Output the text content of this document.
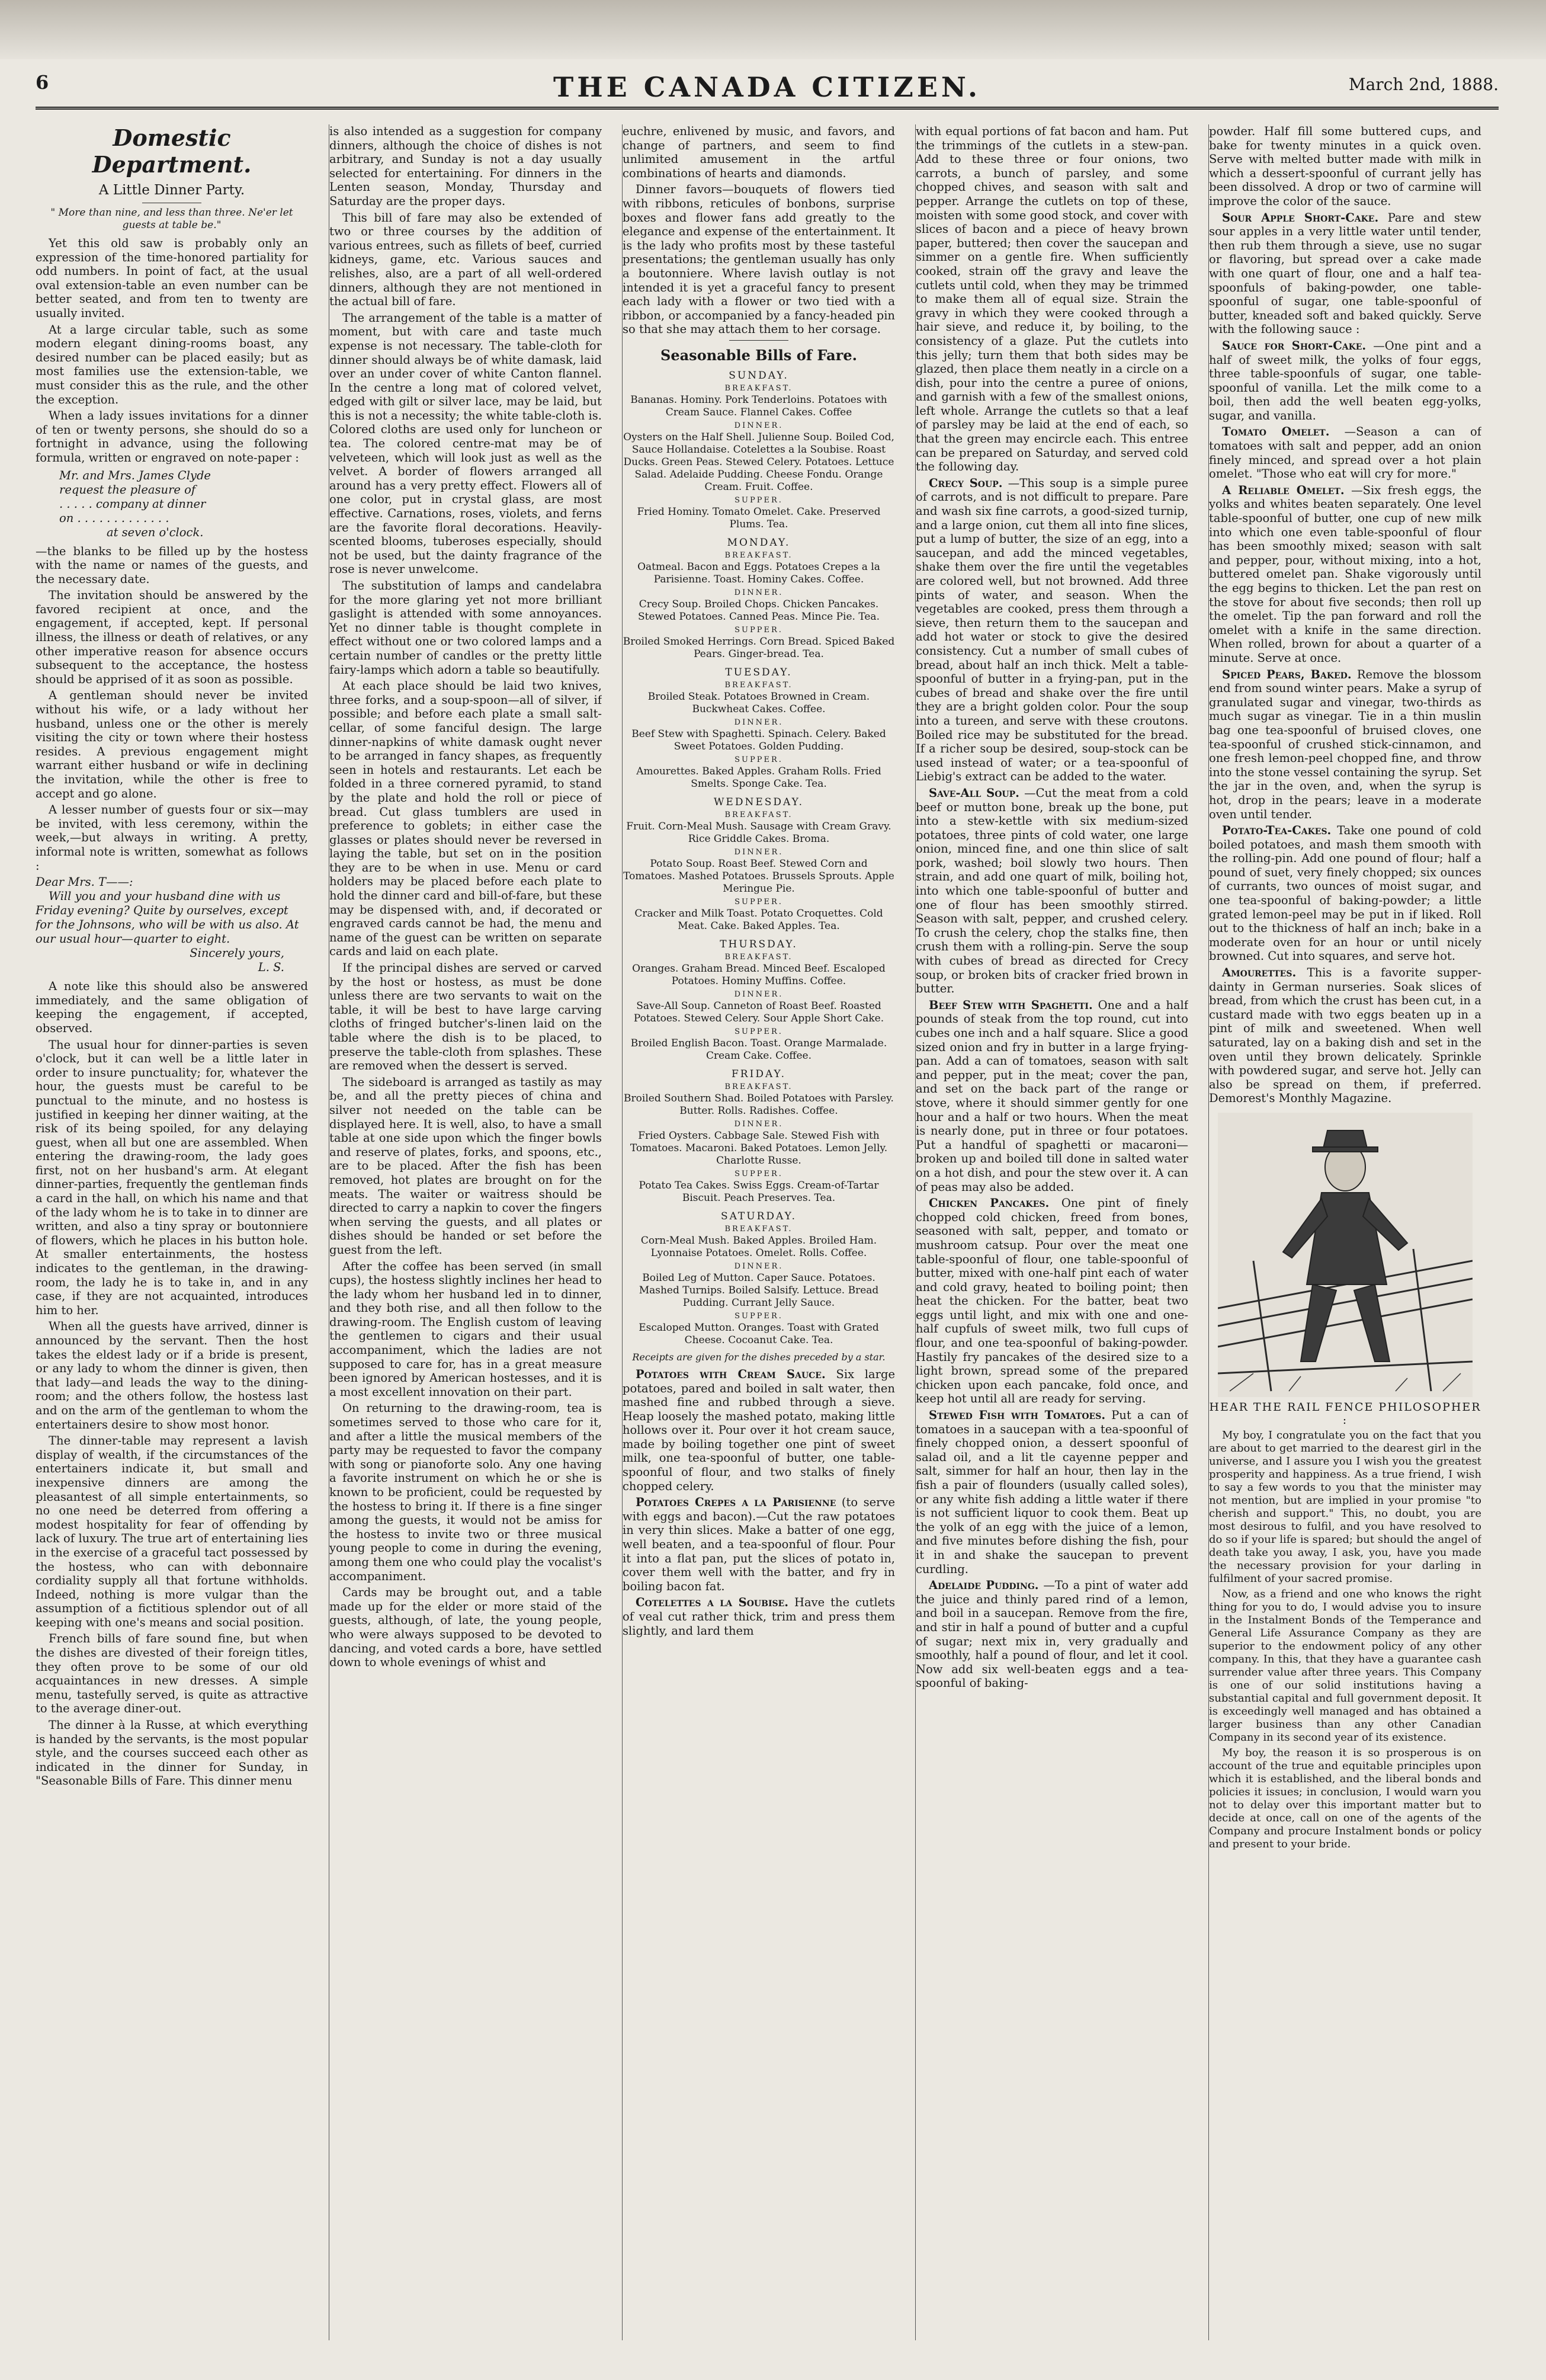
6	THE CANADA CITIZEN.	March 2nd, 1888.
Domestic Department.
A Little Dinner Party.
" More than nine, and less than three. Ne'er let guests at table be."

Yet this old saw is probably only an expression of the time-honored partiality for odd numbers. In point of fact, at the usual oval extension-table an even number can be better seated, and from ten to twenty are usually invited.

At a large circular table, such as some modern elegant dining-rooms boast, any desired number can be placed easily; but as most families use the extension-table, we must consider this as the rule, and the other the exception.

When a lady issues invitations for a dinner of ten or twenty persons, she should do so a fortnight in advance, using the following formula, written or engraved on note-paper :

Mr. and Mrs. James Clyde
request the pleasure of
. . . . . company at dinner
on . . . . . . . . . . . . .
at seven o'clock.

—the blanks to be filled up by the hostess with the name or names of the guests, and the necessary date.

The invitation should be answered by the favored recipient at once, and the engagement, if accepted, kept. If personal illness, the illness or death of relatives, or any other imperative reason for absence occurs subsequent to the acceptance, the hostess should be apprised of it as soon as possible.

A gentleman should never be invited without his wife, or a lady without her husband, unless one or the other is merely visiting the city or town where their hostess resides. A previous engagement might warrant either husband or wife in declining the invitation, while the other is free to accept and go alone.

A lesser number of guests four or six—may be invited, with less ceremony, within the week,—but always in writing. A pretty, informal note is written, somewhat as follows :

Dear Mrs. T——:
Will you and your husband dine with us Friday evening? Quite by ourselves, except for the Johnsons, who will be with us also. At our usual hour—quarter to eight.
Sincerely yours,
L. S.

A note like this should also be answered immediately, and the same obligation of keeping the engagement, if accepted, observed.

The usual hour for dinner-parties is seven o'clock, but it can well be a little later in order to insure punctuality; for, whatever the hour, the guests must be careful to be punctual to the minute, and no hostess is justified in keeping her dinner waiting, at the risk of its being spoiled, for any delaying guest, when all but one are assembled. When entering the drawing-room, the lady goes first, not on her husband's arm. At elegant dinner-parties, frequently the gentleman finds a card in the hall, on which his name and that of the lady whom he is to take in to dinner are written, and also a tiny spray or boutonniere of flowers, which he places in his button hole. At smaller entertainments, the hostess indicates to the gentleman, in the drawing-room, the lady he is to take in, and in any case, if they are not acquainted, introduces him to her.

When all the guests have arrived, dinner is announced by the servant. Then the host takes the eldest lady or if a bride is present, or any lady to whom the dinner is given, then that lady—and leads the way to the dining-room; and the others follow, the hostess last and on the arm of the gentleman to whom the entertainers desire to show most honor.

The dinner-table may represent a lavish display of wealth, if the circumstances of the entertainers indicate it, but small and inexpensive dinners are among the pleasantest of all simple entertainments, so no one need be deterred from offering a modest hospitality for fear of offending by lack of luxury. The true art of entertaining lies in the exercise of a graceful tact possessed by the hostess, who can with debonnaire cordiality supply all that fortune withholds. Indeed, nothing is more vulgar than the assumption of a fictitious splendor out of all keeping with one's means and social position.

French bills of fare sound fine, but when the dishes are divested of their foreign titles, they often prove to be some of our old acquaintances in new dresses. A simple menu, tastefully served, is quite as attractive to the average diner-out.

The dinner à la Russe, at which everything is handed by the servants, is the most popular style, and the courses succeed each other as indicated in the dinner for Sunday, in "Seasonable Bills of Fare. This dinner menu

is also intended as a suggestion for company dinners, although the choice of dishes is not arbitrary, and Sunday is not a day usually selected for entertaining. For dinners in the Lenten season, Monday, Thursday and Saturday are the proper days.

This bill of fare may also be extended of two or three courses by the addition of various entrees, such as fillets of beef, curried kidneys, game, etc. Various sauces and relishes, also, are a part of all well-ordered dinners, although they are not mentioned in the actual bill of fare.

The arrangement of the table is a matter of moment, but with care and taste much expense is not necessary. The table-cloth for dinner should always be of white damask, laid over an under cover of white Canton flannel. In the centre a long mat of colored velvet, edged with gilt or silver lace, may be laid, but this is not a necessity; the white table-cloth is. Colored cloths are used only for luncheon or tea. The colored centre-mat may be of velveteen, which will look just as well as the velvet. A border of flowers arranged all around has a very pretty effect. Flowers all of one color, put in crystal glass, are most effective. Carnations, roses, violets, and ferns are the favorite floral decorations. Heavily-scented blooms, tuberoses especially, should not be used, but the dainty fragrance of the rose is never unwelcome.

The substitution of lamps and candelabra for the more glaring yet not more brilliant gaslight is attended with some annoyances. Yet no dinner table is thought complete in effect without one or two colored lamps and a certain number of candles or the pretty little fairy-lamps which adorn a table so beautifully.

At each place should be laid two knives, three forks, and a soup-spoon—all of silver, if possible; and before each plate a small salt-cellar, of some fanciful design. The large dinner-napkins of white damask ought never to be arranged in fancy shapes, as frequently seen in hotels and restaurants. Let each be folded in a three cornered pyramid, to stand by the plate and hold the roll or piece of bread. Cut glass tumblers are used in preference to goblets; in either case the glasses or plates should never be reversed in laying the table, but set on in the position they are to be when in use. Menu or card holders may be placed before each plate to hold the dinner card and bill-of-fare, but these may be dispensed with, and, if decorated or engraved cards cannot be had, the menu and name of the guest can be written on separate cards and laid on each plate.

If the principal dishes are served or carved by the host or hostess, as must be done unless there are two servants to wait on the table, it will be best to have large carving cloths of fringed butcher's-linen laid on the table where the dish is to be placed, to preserve the table-cloth from splashes. These are removed when the dessert is served.

The sideboard is arranged as tastily as may be, and all the pretty pieces of china and silver not needed on the table can be displayed here. It is well, also, to have a small table at one side upon which the finger bowls and reserve of plates, forks, and spoons, etc., are to be placed. After the fish has been removed, hot plates are brought on for the meats. The waiter or waitress should be directed to carry a napkin to cover the fingers when serving the guests, and all plates or dishes should be handed or set before the guest from the left.

After the coffee has been served (in small cups), the hostess slightly inclines her head to the lady whom her husband led in to dinner, and they both rise, and all then follow to the drawing-room. The English custom of leaving the gentlemen to cigars and their usual accompaniment, which the ladies are not supposed to care for, has in a great measure been ignored by American hostesses, and it is a most excellent innovation on their part.

On returning to the drawing-room, tea is sometimes served to those who care for it, and after a little the musical members of the party may be requested to favor the company with song or pianoforte solo. Any one having a favorite instrument on which he or she is known to be proficient, could be requested by the hostess to bring it. If there is a fine singer among the guests, it would not be amiss for the hostess to invite two or three musical young people to come in during the evening, among them one who could play the vocalist's accompaniment.

Cards may be brought out, and a table made up for the elder or more staid of the guests, although, of late, the young people, who were always supposed to be devoted to dancing, and voted cards a bore, have settled down to whole evenings of whist and

euchre, enlivened by music, and favors, and change of partners, and seem to find unlimited amusement in the artful combinations of hearts and diamonds.

Dinner favors—bouquets of flowers tied with ribbons, reticules of bonbons, surprise boxes and flower fans add greatly to the elegance and expense of the entertainment. It is the lady who profits most by these tasteful presentations; the gentleman usually has only a boutonniere. Where lavish outlay is not intended it is yet a graceful fancy to present each lady with a flower or two tied with a ribbon, or accompanied by a fancy-headed pin so that she may attach them to her corsage.

Seasonable Bills of Fare.
SUNDAY.
BREAKFAST.
Bananas. Hominy. Pork Tenderloins. Potatoes with Cream Sauce. Flannel Cakes. Coffee
DINNER.
Oysters on the Half Shell. Julienne Soup. Boiled Cod, Sauce Hollandaise. Cotelettes a la Soubise. Roast Ducks. Green Peas. Stewed Celery. Potatoes. Lettuce Salad. Adelaide Pudding. Cheese Fondu. Orange Cream. Fruit. Coffee.
SUPPER.
Fried Hominy. Tomato Omelet. Cake. Preserved Plums. Tea.
MONDAY.
BREAKFAST.
Oatmeal. Bacon and Eggs. Potatoes Crepes a la Parisienne. Toast. Hominy Cakes. Coffee.
DINNER.
Crecy Soup. Broiled Chops. Chicken Pancakes. Stewed Potatoes. Canned Peas. Mince Pie. Tea.
SUPPER.
Broiled Smoked Herrings. Corn Bread. Spiced Baked Pears. Ginger-bread. Tea.
TUESDAY.
BREAKFAST.
Broiled Steak. Potatoes Browned in Cream. Buckwheat Cakes. Coffee.
DINNER.
Beef Stew with Spaghetti. Spinach. Celery. Baked Sweet Potatoes. Golden Pudding.
SUPPER.
Amourettes. Baked Apples. Graham Rolls. Fried Smelts. Sponge Cake. Tea.
WEDNESDAY.
BREAKFAST.
Fruit. Corn-Meal Mush. Sausage with Cream Gravy. Rice Griddle Cakes. Broma.
DINNER.
Potato Soup. Roast Beef. Stewed Corn and Tomatoes. Mashed Potatoes. Brussels Sprouts. Apple Meringue Pie.
SUPPER.
Cracker and Milk Toast. Potato Croquettes. Cold Meat. Cake. Baked Apples. Tea.
THURSDAY.
BREAKFAST.
Oranges. Graham Bread. Minced Beef. Escaloped Potatoes. Hominy Muffins. Coffee.
DINNER.
Save-All Soup. Canneton of Roast Beef. Roasted Potatoes. Stewed Celery. Sour Apple Short Cake.
SUPPER.
Broiled English Bacon. Toast. Orange Marmalade. Cream Cake. Coffee.
FRIDAY.
BREAKFAST.
Broiled Southern Shad. Boiled Potatoes with Parsley. Butter. Rolls. Radishes. Coffee.
DINNER.
Fried Oysters. Cabbage Sale. Stewed Fish with Tomatoes. Macaroni. Baked Potatoes. Lemon Jelly. Charlotte Russe.
SUPPER.
Potato Tea Cakes. Swiss Eggs. Cream-of-Tartar Biscuit. Peach Preserves. Tea.
SATURDAY.
BREAKFAST.
Corn-Meal Mush. Baked Apples. Broiled Ham. Lyonnaise Potatoes. Omelet. Rolls. Coffee.
DINNER.
Boiled Leg of Mutton. Caper Sauce. Potatoes. Mashed Turnips. Boiled Salsify. Lettuce. Bread Pudding. Currant Jelly Sauce.
SUPPER.
Escaloped Mutton. Oranges. Toast with Grated Cheese. Cocoanut Cake. Tea.
Receipts are given for the dishes preceded by a star.

Potatoes with Cream Sauce. Six large potatoes, pared and boiled in salt water, then mashed fine and rubbed through a sieve. Heap loosely the mashed potato, making little hollows over it. Pour over it hot cream sauce, made by boiling together one pint of sweet milk, one tea-spoonful of butter, one table-spoonful of flour, and two stalks of finely chopped celery.

Potatoes Crepes a la Parisienne (to serve with eggs and bacon).—Cut the raw potatoes in very thin slices. Make a batter of one egg, well beaten, and a tea-spoonful of flour. Pour it into a flat pan, put the slices of potato in, cover them well with the batter, and fry in boiling bacon fat.

Cotelettes a la Soubise. Have the cutlets of veal cut rather thick, trim and press them slightly, and lard them

with equal portions of fat bacon and ham. Put the trimmings of the cutlets in a stew-pan. Add to these three or four onions, two carrots, a bunch of parsley, and some chopped chives, and season with salt and pepper. Arrange the cutlets on top of these, moisten with some good stock, and cover with slices of bacon and a piece of heavy brown paper, buttered; then cover the saucepan and simmer on a gentle fire. When sufficiently cooked, strain off the gravy and leave the cutlets until cold, when they may be trimmed to make them all of equal size. Strain the gravy in which they were cooked through a hair sieve, and reduce it, by boiling, to the consistency of a glaze. Put the cutlets into this jelly; turn them that both sides may be glazed, then place them neatly in a circle on a dish, pour into the centre a puree of onions, and garnish with a few of the smallest onions, left whole. Arrange the cutlets so that a leaf of parsley may be laid at the end of each, so that the green may encircle each. This entree can be prepared on Saturday, and served cold the following day.

Crecy Soup. —This soup is a simple puree of carrots, and is not difficult to prepare. Pare and wash six fine carrots, a good-sized turnip, and a large onion, cut them all into fine slices, put a lump of butter, the size of an egg, into a saucepan, and add the minced vegetables, shake them over the fire until the vegetables are colored well, but not browned. Add three pints of water, and season. When the vegetables are cooked, press them through a sieve, then return them to the saucepan and add hot water or stock to give the desired consistency. Cut a number of small cubes of bread, about half an inch thick. Melt a table-spoonful of butter in a frying-pan, put in the cubes of bread and shake over the fire until they are a bright golden color. Pour the soup into a tureen, and serve with these croutons. Boiled rice may be substituted for the bread. If a richer soup be desired, soup-stock can be used instead of water; or a tea-spoonful of Liebig's extract can be added to the water.

Save-All Soup. —Cut the meat from a cold beef or mutton bone, break up the bone, put into a stew-kettle with six medium-sized potatoes, three pints of cold water, one large onion, minced fine, and one thin slice of salt pork, washed; boil slowly two hours. Then strain, and add one quart of milk, boiling hot, into which one table-spoonful of butter and one of flour has been smoothly stirred. Season with salt, pepper, and crushed celery. To crush the celery, chop the stalks fine, then crush them with a rolling-pin. Serve the soup with cubes of bread as directed for Crecy soup, or broken bits of cracker fried brown in butter.

Beef Stew with Spaghetti. One and a half pounds of steak from the top round, cut into cubes one inch and a half square. Slice a good sized onion and fry in butter in a large frying-pan. Add a can of tomatoes, season with salt and pepper, put in the meat; cover the pan, and set on the back part of the range or stove, where it should simmer gently for one hour and a half or two hours. When the meat is nearly done, put in three or four potatoes. Put a handful of spaghetti or macaroni—broken up and boiled till done in salted water on a hot dish, and pour the stew over it. A can of peas may also be added.

Chicken Pancakes. One pint of finely chopped cold chicken, freed from bones, seasoned with salt, pepper, and tomato or mushroom catsup. Pour over the meat one table-spoonful of flour, one table-spoonful of butter, mixed with one-half pint each of water and cold gravy, heated to boiling point; then heat the chicken. For the batter, beat two eggs until light, and mix with one and one-half cupfuls of sweet milk, two full cups of flour, and one tea-spoonful of baking-powder. Hastily fry pancakes of the desired size to a light brown, spread some of the prepared chicken upon each pancake, fold once, and keep hot until all are ready for serving.

Stewed Fish with Tomatoes. Put a can of tomatoes in a saucepan with a tea-spoonful of finely chopped onion, a dessert spoonful of salad oil, and a lit tle cayenne pepper and salt, simmer for half an hour, then lay in the fish a pair of flounders (usually called soles), or any white fish adding a little water if there is not sufficient liquor to cook them. Beat up the yolk of an egg with the juice of a lemon, and five minutes before dishing the fish, pour it in and shake the saucepan to prevent curdling.

Adelaide Pudding. —To a pint of water add the juice and thinly pared rind of a lemon, and boil in a saucepan. Remove from the fire, and stir in half a pound of butter and a cupful of sugar; next mix in, very gradually and smoothly, half a pound of flour, and let it cool. Now add six well-beaten eggs and a tea-spoonful of baking-

powder. Half fill some buttered cups, and bake for twenty minutes in a quick oven. Serve with melted butter made with milk in which a dessert-spoonful of currant jelly has been dissolved. A drop or two of carmine will improve the color of the sauce.

Sour Apple Short-Cake. Pare and stew sour apples in a very little water until tender, then rub them through a sieve, use no sugar or flavoring, but spread over a cake made with one quart of flour, one and a half tea-spoonfuls of baking-powder, one table-spoonful of sugar, one table-spoonful of butter, kneaded soft and baked quickly. Serve with the following sauce :

Sauce for Short-Cake. —One pint and a half of sweet milk, the yolks of four eggs, three table-spoonfuls of sugar, one table-spoonful of vanilla. Let the milk come to a boil, then add the well beaten egg-yolks, sugar, and vanilla.

Tomato Omelet. —Season a can of tomatoes with salt and pepper, add an onion finely minced, and spread over a hot plain omelet. "Those who eat will cry for more."

A Reliable Omelet. —Six fresh eggs, the yolks and whites beaten separately. One level table-spoonful of butter, one cup of new milk into which one even table-spoonful of flour has been smoothly mixed; season with salt and pepper, pour, without mixing, into a hot, buttered omelet pan. Shake vigorously until the egg begins to thicken. Let the pan rest on the stove for about five seconds; then roll up the omelet. Tip the pan forward and roll the omelet with a knife in the same direction. When rolled, brown for about a quarter of a minute. Serve at once.

Spiced Pears, Baked. Remove the blossom end from sound winter pears. Make a syrup of granulated sugar and vinegar, two-thirds as much sugar as vinegar. Tie in a thin muslin bag one tea-spoonful of bruised cloves, one tea-spoonful of crushed stick-cinnamon, and one fresh lemon-peel chopped fine, and throw into the stone vessel containing the syrup. Set the jar in the oven, and, when the syrup is hot, drop in the pears; leave in a moderate oven until tender.

Potato-Tea-Cakes. Take one pound of cold boiled potatoes, and mash them smooth with the rolling-pin. Add one pound of flour; half a pound of suet, very finely chopped; six ounces of currants, two ounces of moist sugar, and one tea-spoonful of baking-powder; a little grated lemon-peel may be put in if liked. Roll out to the thickness of half an inch; bake in a moderate oven for an hour or until nicely browned. Cut into squares, and serve hot.

Amourettes. This is a favorite supper-dainty in German nurseries. Soak slices of bread, from which the crust has been cut, in a custard made with two eggs beaten up in a pint of milk and sweetened. When well saturated, lay on a baking dish and set in the oven until they brown delicately. Sprinkle with powdered sugar, and serve hot. Jelly can also be spread on them, if preferred. Demorest's Monthly Magazine.

HEAR THE RAIL FENCE PHILOSOPHER :

My boy, I congratulate you on the fact that you are about to get married to the dearest girl in the universe, and I assure you I wish you the greatest prosperity and happiness. As a true friend, I wish to say a few words to you that the minister may not mention, but are implied in your promise "to cherish and support." This, no doubt, you are most desirous to fulfil, and you have resolved to do so if your life is spared; but should the angel of death take you away, I ask, you, have you made the necessary provision for your darling in fulfilment of your sacred promise.

Now, as a friend and one who knows the right thing for you to do, I would advise you to insure in the Instalment Bonds of the Temperance and General Life Assurance Company as they are superior to the endowment policy of any other company. In this, that they have a guarantee cash surrender value after three years. This Company is one of our solid institutions having a substantial capital and full government deposit. It is exceedingly well managed and has obtained a larger business than any other Canadian Company in its second year of its existence.

My boy, the reason it is so prosperous is on account of the true and equitable principles upon which it is established, and the liberal bonds and policies it issues; in conclusion, I would warn you not to delay over this important matter but to decide at once, call on one of the agents of the Company and procure Instalment bonds or policy and present to your bride.
